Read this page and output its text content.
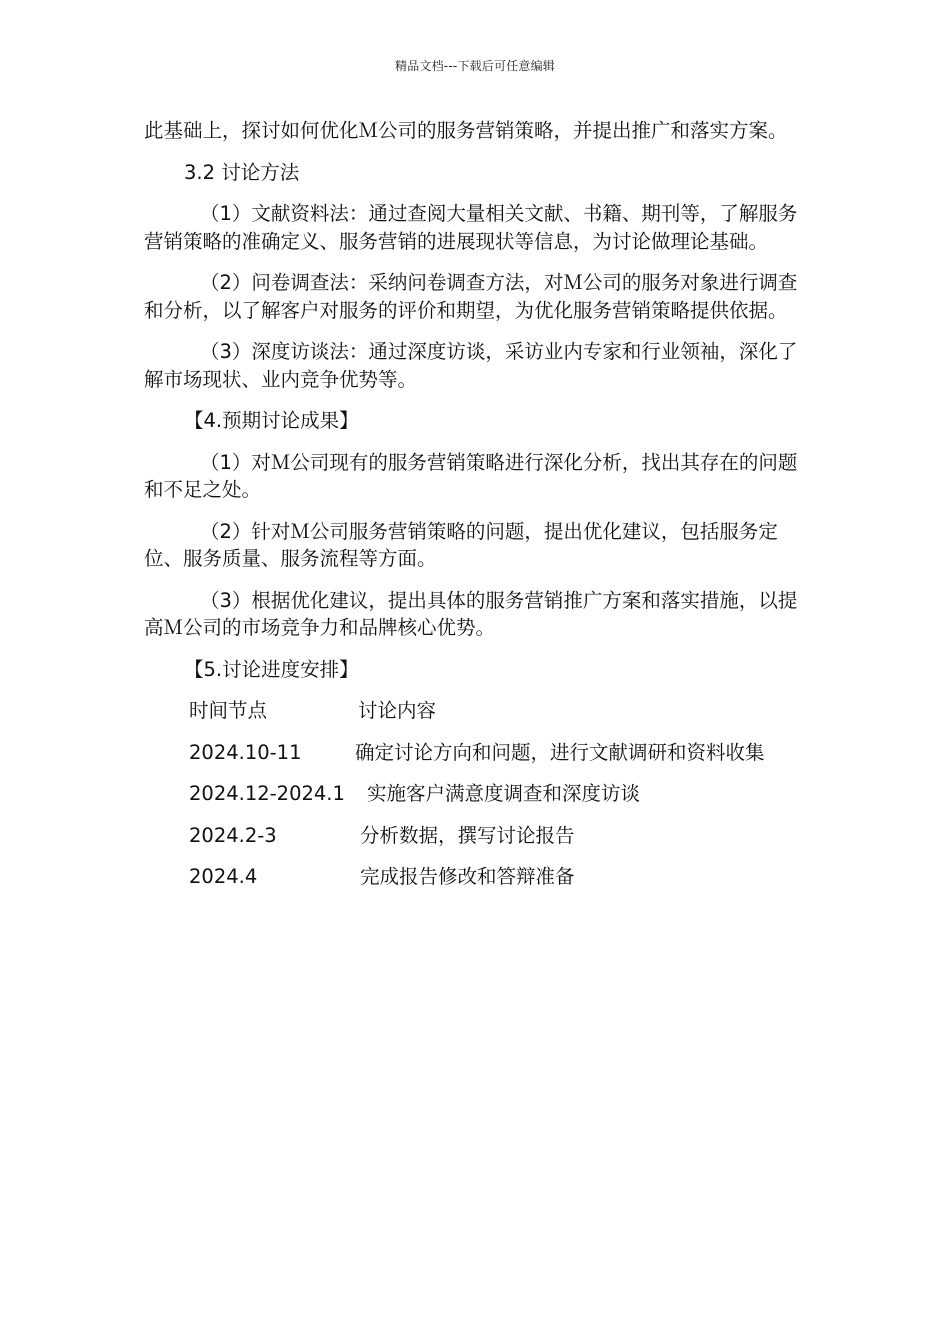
精品文档---下载后可任意编辑

此基础上，探讨如何优化Ｍ公司的服务营销策略，并提出推广和落实方案。

3.2 讨论方法

（1）文献资料法：通过查阅大量相关文献、书籍、期刊等，了解服务营销策略的准确定义、服务营销的进展现状等信息，为讨论做理论基础。

（2）问卷调查法：采纳问卷调查方法，对Ｍ公司的服务对象进行调查和分析，以了解客户对服务的评价和期望，为优化服务营销策略提供依据。

（3）深度访谈法：通过深度访谈，采访业内专家和行业领袖，深化了解市场现状、业内竞争优势等。

【4.预期讨论成果】

（1）对Ｍ公司现有的服务营销策略进行深化分析，找出其存在的问题和不足之处。

（2）针对Ｍ公司服务营销策略的问题，提出优化建议，包括服务定位、服务质量、服务流程等方面。

（3）根据优化建议，提出具体的服务营销推广方案和落实措施，以提高Ｍ公司的市场竞争力和品牌核心优势。

【5.讨论进度安排】

时间节点	讨论内容
2024.10-11	确定讨论方向和问题，进行文献调研和资料收集
2024.12-2024.1	实施客户满意度调查和深度访谈
2024.2-3	分析数据，撰写讨论报告
2024.4	完成报告修改和答辩准备
